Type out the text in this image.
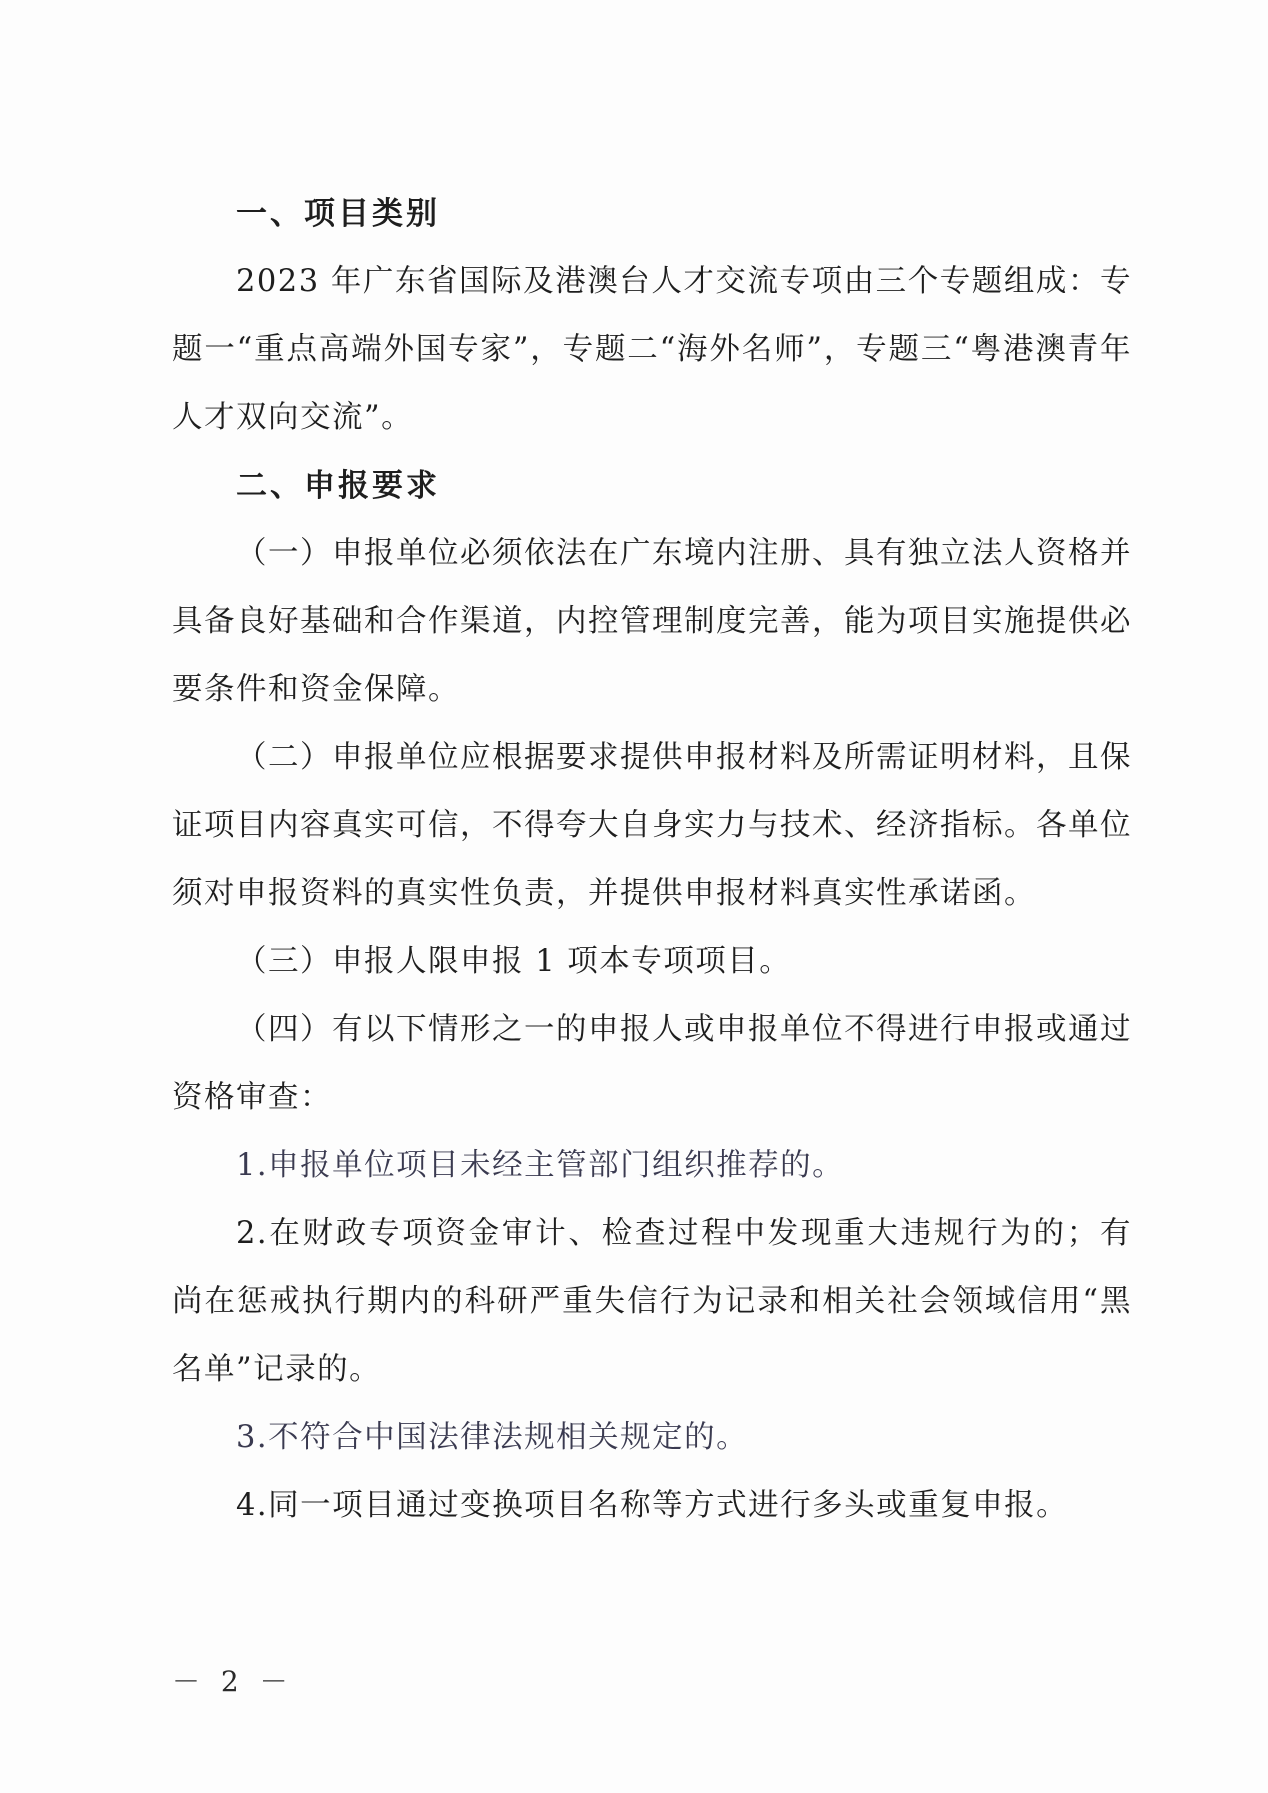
一、项目类别

2023 年广东省国际及港澳台人才交流专项由三个专题组成：专题一“重点高端外国专家”，专题二“海外名师”，专题三“粤港澳青年人才双向交流”。

二、申报要求

（一）申报单位必须依法在广东境内注册、具有独立法人资格并具备良好基础和合作渠道，内控管理制度完善，能为项目实施提供必要条件和资金保障。

（二）申报单位应根据要求提供申报材料及所需证明材料，且保证项目内容真实可信，不得夸大自身实力与技术、经济指标。各单位须对申报资料的真实性负责，并提供申报材料真实性承诺函。

（三）申报人限申报 1 项本专项项目。

（四）有以下情形之一的申报人或申报单位不得进行申报或通过资格审查：

1.申报单位项目未经主管部门组织推荐的。

2.在财政专项资金审计、检查过程中发现重大违规行为的；有尚在惩戒执行期内的科研严重失信行为记录和相关社会领域信用“黑名单”记录的。

3.不符合中国法律法规相关规定的。

4.同一项目通过变换项目名称等方式进行多头或重复申报。

－ 2 －
